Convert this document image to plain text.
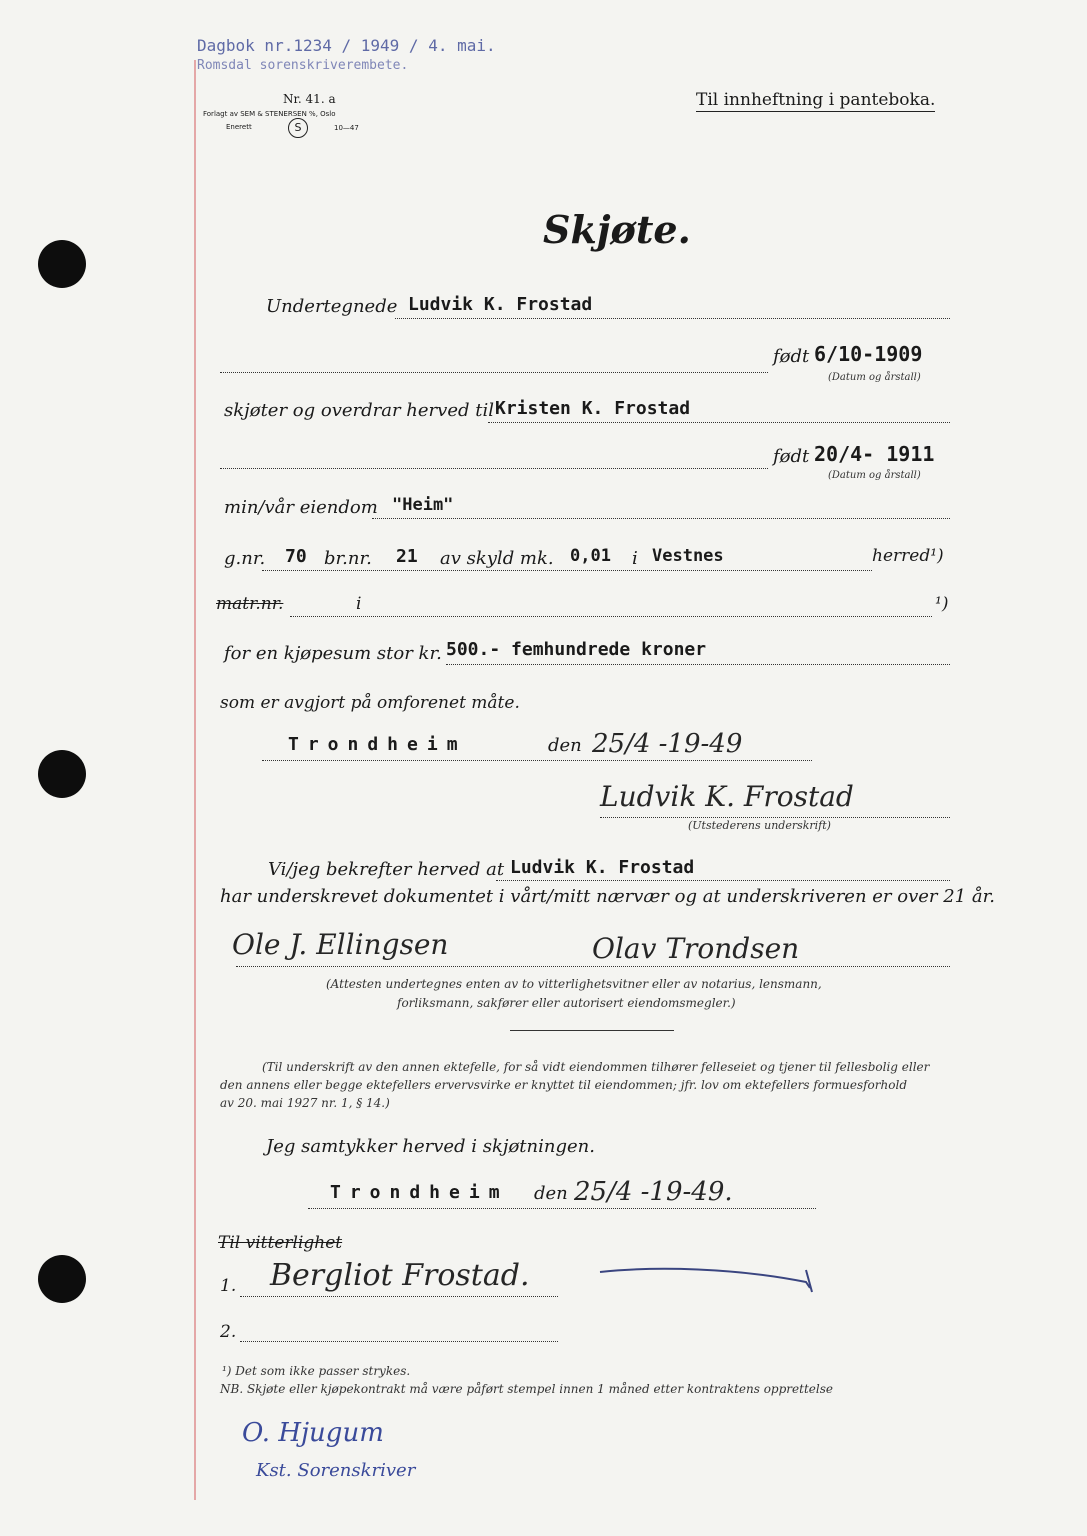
Dagbok nr.1234 / 1949 / 4. mai.
Romsdal sorenskriverembete.
Nr. 41. a
Forlagt av SEM & STENERSEN %, Oslo
Enerett	S	10—47
Til innheftning i panteboka.
Skjøte.
Undertegnede Ludvik K. Frostad
født 6/10-1909
(Datum og årstall)
skjøter og overdrar herved til Kristen K. Frostad
født 20/4- 1911
(Datum og årstall)
min/vår eiendom "Heim"
g.nr. 70 br.nr. 21 av skyld mk. 0,01 i Vestnes	herred¹)
matr.nr.	i	¹)
for en kjøpesum stor kr. 500.- femhundrede kroner
som er avgjort på omforenet måte.
Trondheim	den 25/4 -19-49
Ludvik K. Frostad
(Utstederens underskrift)
Vi/jeg bekrefter herved at Ludvik K. Frostad
har underskrevet dokumentet i vårt/mitt nærvær og at underskriveren er over 21 år.
Ole J. Ellingsen	Olav Trondsen
(Attesten undertegnes enten av to vitterlighetsvitner eller av notarius, lensmann,
forliksmann, sakfører eller autorisert eiendomsmegler.)
(Til underskrift av den annen ektefelle, for så vidt eiendommen tilhører felleseiet og tjener til fellesbolig eller
den annens eller begge ektefellers ervervsvirke er knyttet til eiendommen; jfr. lov om ektefellers formuesforhold
av 20. mai 1927 nr. 1, § 14.)
Jeg samtykker herved i skjøtningen.
Trondheim den 25/4 -19-49.
Til vitterlighet
1. Bergliot Frostad.
2.
¹) Det som ikke passer strykes.
NB. Skjøte eller kjøpekontrakt må være påført stempel innen 1 måned etter kontraktens opprettelse
O. Hjugum
Kst. Sorenskriver
